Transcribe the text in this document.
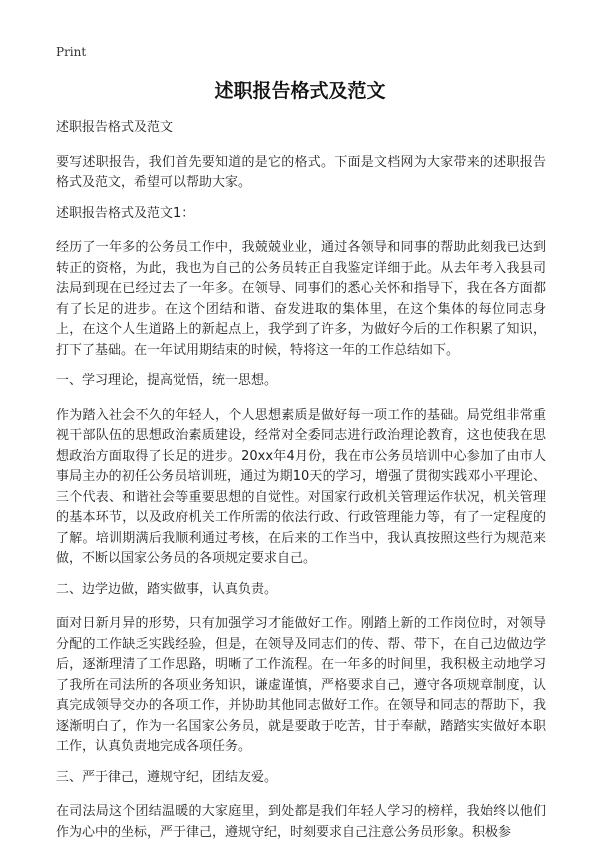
Print
述职报告格式及范文

述职报告格式及范文

要写述职报告，我们首先要知道的是它的格式。下面是文档网为大家带来的述职报告格式及范文，希望可以帮助大家。

述职报告格式及范文1：

经历了一年多的公务员工作中，我兢兢业业，通过各领导和同事的帮助此刻我已达到转正的资格，为此，我也为自己的公务员转正自我鉴定详细于此。从去年考入我县司法局到现在已经过去了一年多。在领导、同事们的悉心关怀和指导下，我在各方面都有了长足的进步。在这个团结和谐、奋发进取的集体里，在这个集体的每位同志身上，在这个人生道路上的新起点上，我学到了许多，为做好今后的工作积累了知识，打下了基础。在一年试用期结束的时候，特将这一年的工作总结如下。

一、学习理论，提高觉悟，统一思想。

作为踏入社会不久的年轻人，个人思想素质是做好每一项工作的基础。局党组非常重视干部队伍的思想政治素质建设，经常对全委同志进行政治理论教育，这也使我在思想政治方面取得了长足的进步。20xx年4月份，我在市公务员培训中心参加了由市人事局主办的初任公务员培训班，通过为期10天的学习，增强了贯彻实践邓小平理论、三个代表、和谐社会等重要思想的自觉性。对国家行政机关管理运作状况，机关管理的基本环节，以及政府机关工作所需的依法行政、行政管理能力等，有了一定程度的了解。培训期满后我顺利通过考核，在后来的工作当中，我认真按照这些行为规范来做，不断以国家公务员的各项规定要求自己。

二、边学边做，踏实做事，认真负责。

面对日新月异的形势，只有加强学习才能做好工作。刚踏上新的工作岗位时，对领导分配的工作缺乏实践经验，但是，在领导及同志们的传、帮、带下，在自己边做边学后，逐渐理清了工作思路，明晰了工作流程。在一年多的时间里，我积极主动地学习了我所在司法所的各项业务知识，谦虚谨慎，严格要求自己，遵守各项规章制度，认真完成领导交办的各项工作，并协助其他同志做好工作。在领导和同志的帮助下，我逐渐明白了，作为一名国家公务员，就是要敢于吃苦，甘于奉献，踏踏实实做好本职工作，认真负责地完成各项任务。

三、严于律己，遵规守纪，团结友爱。

在司法局这个团结温暖的大家庭里，到处都是我们年轻人学习的榜样，我始终以他们作为心中的坐标，严于律己，遵规守纪，时刻要求自己注意公务员形象。积极参
